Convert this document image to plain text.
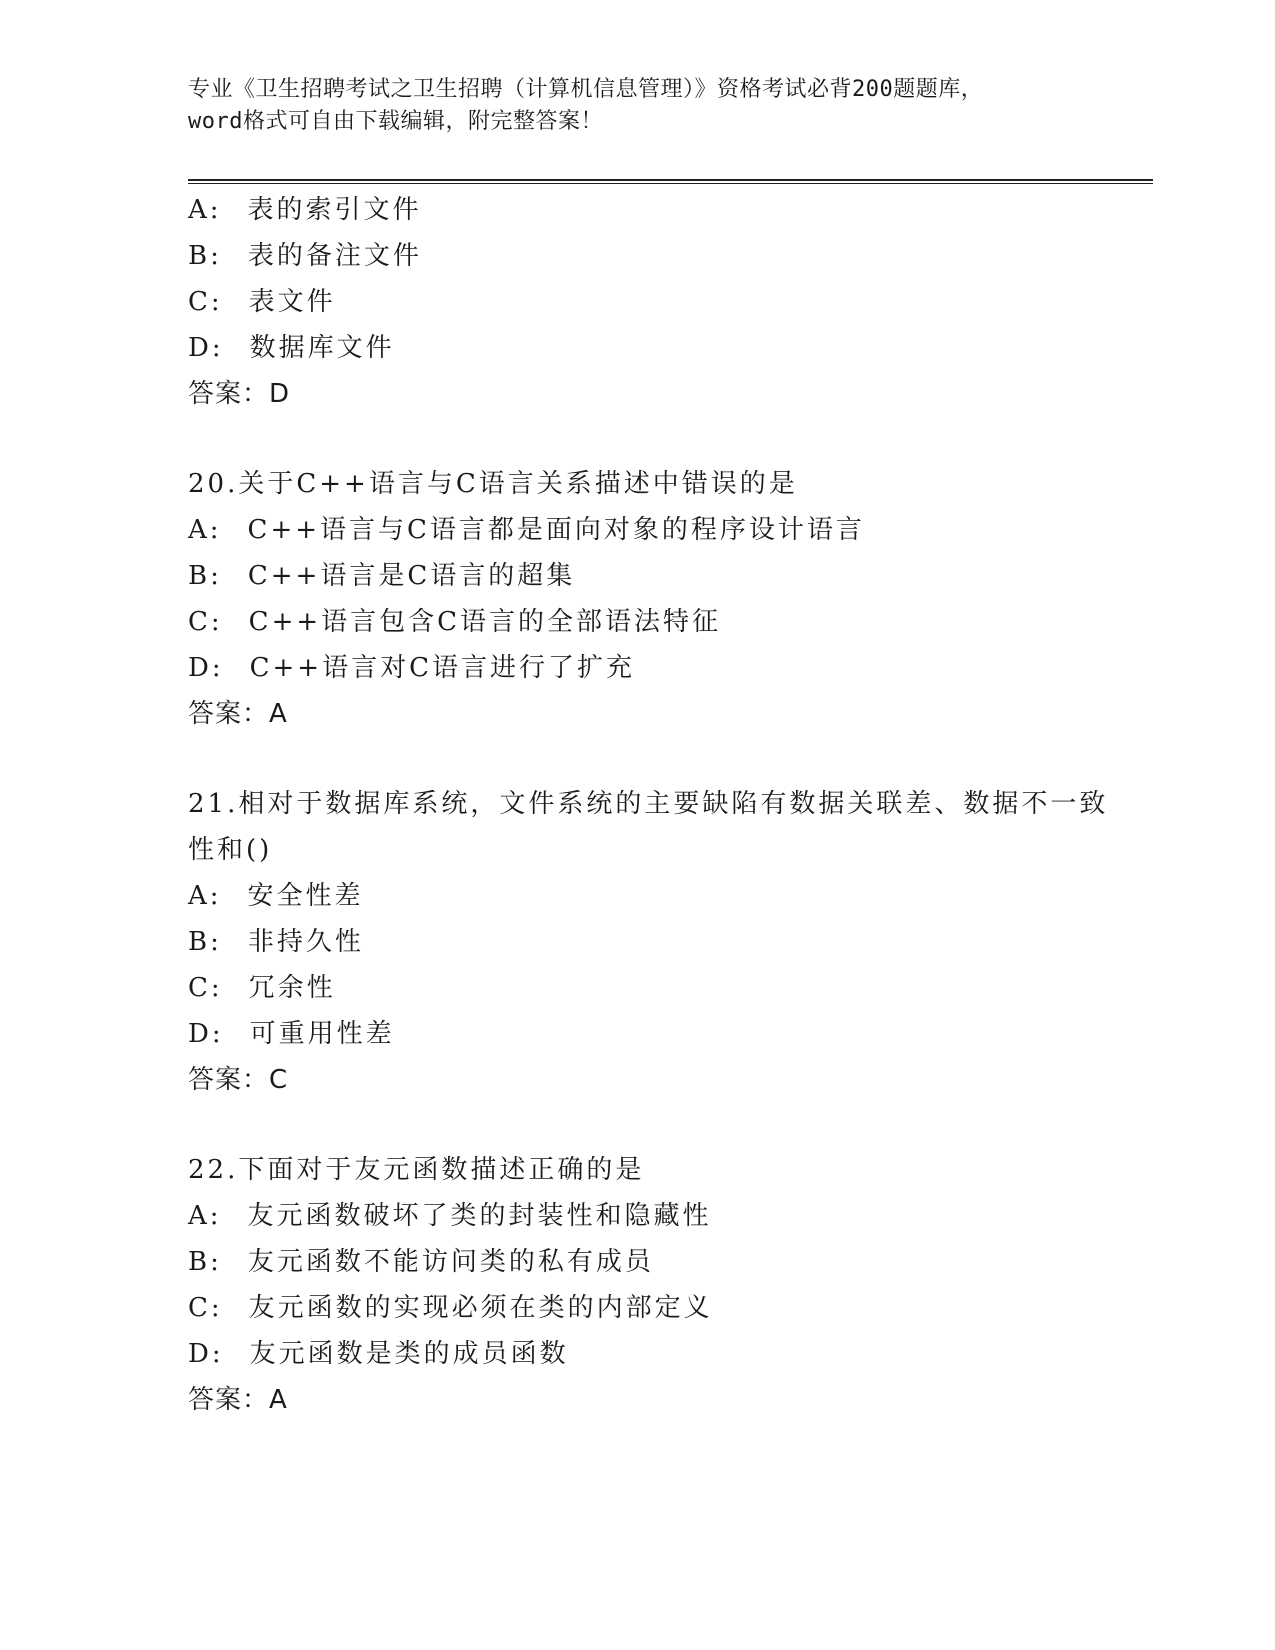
专业《卫生招聘考试之卫生招聘（计算机信息管理）》资格考试必背200题题库，
word格式可自由下载编辑，附完整答案！
A: 表的索引文件
B: 表的备注文件
C: 表文件
D: 数据库文件
答案：D
20.关于C++语言与C语言关系描述中错误的是
A: C++语言与C语言都是面向对象的程序设计语言
B: C++语言是C语言的超集
C: C++语言包含C语言的全部语法特征
D: C++语言对C语言进行了扩充
答案：A
21.相对于数据库系统，文件系统的主要缺陷有数据关联差、数据不一致性和()
A: 安全性差
B: 非持久性
C: 冗余性
D: 可重用性差
答案：C
22.下面对于友元函数描述正确的是
A: 友元函数破坏了类的封装性和隐藏性
B: 友元函数不能访问类的私有成员
C: 友元函数的实现必须在类的内部定义
D: 友元函数是类的成员函数
答案：A
